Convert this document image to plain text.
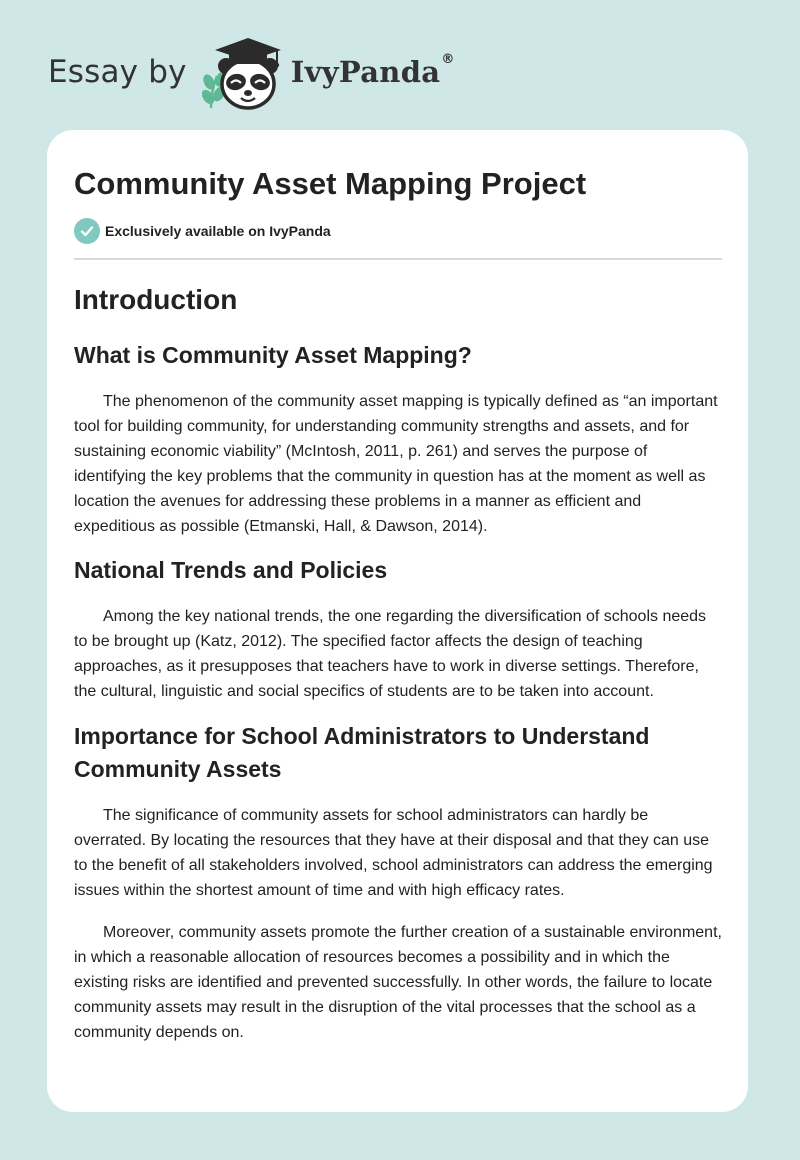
Essay by	IvyPanda ®
Community Asset Mapping Project
Exclusively available on IvyPanda
Introduction
What is Community Asset Mapping?

The phenomenon of the community asset mapping is typically defined as “an important tool for building community, for understanding community strengths and assets, and for sustaining economic viability” (McIntosh, 2011, p. 261) and serves the purpose of identifying the key problems that the community in question has at the moment as well as location the avenues for addressing these problems in a manner as efficient and expeditious as possible (Etmanski, Hall, & Dawson, 2014).

National Trends and Policies

Among the key national trends, the one regarding the diversification of schools needs to be brought up (Katz, 2012). The specified factor affects the design of teaching approaches, as it presupposes that teachers have to work in diverse settings. Therefore, the cultural, linguistic and social specifics of students are to be taken into account.

Importance for School Administrators to Understand Community Assets

The significance of community assets for school administrators can hardly be overrated. By locating the resources that they have at their disposal and that they can use to the benefit of all stakeholders involved, school administrators can address the emerging issues within the shortest amount of time and with high efficacy rates.

Moreover, community assets promote the further creation of a sustainable environment, in which a reasonable allocation of resources becomes a possibility and in which the existing risks are identified and prevented successfully. In other words, the failure to locate community assets may result in the disruption of the vital processes that the school as a community depends on.
